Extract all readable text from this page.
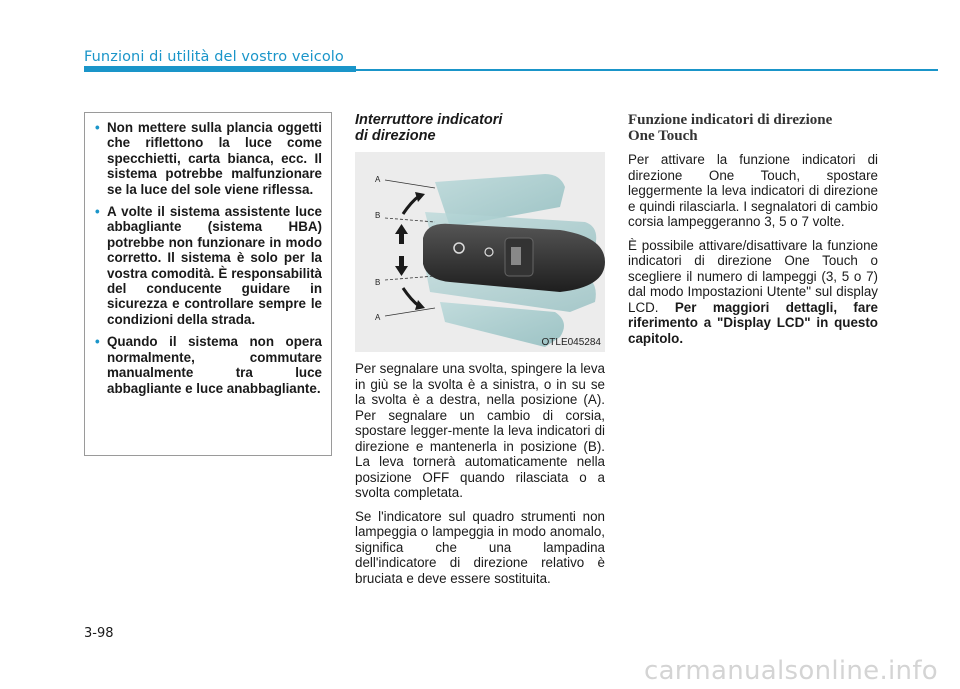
Funzioni di utilità del vostro veicolo
• Non mettere sulla plancia oggetti che riflettono la luce come specchietti, carta bianca, ecc. Il sistema potrebbe malfunzionare se la luce del sole viene riflessa.
• A volte il sistema assistente luce abbagliante (sistema HBA) potrebbe non funzionare in modo corretto. Il sistema è solo per la vostra comodità. È responsabilità del conducente guidare in sicurezza e controllare sempre le condizioni della strada.
• Quando il sistema non opera normalmente, commutare manualmente tra luce abbagliante e luce anabbagliante.
Interruttore indicatori
di direzione
A
B
B
A
OTLE045284

Per segnalare una svolta, spingere la leva in giù se la svolta è a sinistra, o in su se la svolta è a destra, nella posizione (A). Per segnalare un cambio di corsia, spostare legger-mente la leva indicatori di direzione e mantenerla in posizione (B). La leva tornerà automaticamente nella posizione OFF quando rilasciata o a svolta completata.

Se l'indicatore sul quadro strumenti non lampeggia o lampeggia in modo anomalo, significa che una lampadina dell'indicatore di direzione relativo è bruciata e deve essere sostituita.

Funzione indicatori di direzione
One Touch

Per attivare la funzione indicatori di direzione One Touch, spostare leggermente la leva indicatori di direzione e quindi rilasciarla. I segnalatori di cambio corsia lampeggeranno 3, 5 o 7 volte.

È possibile attivare/disattivare la funzione indicatori di direzione One Touch o scegliere il numero di lampeggi (3, 5 o 7) dal modo Impostazioni Utente" sul display LCD. Per maggiori dettagli, fare riferimento a "Display LCD" in questo capitolo.

3-98
carmanualsonline.info
